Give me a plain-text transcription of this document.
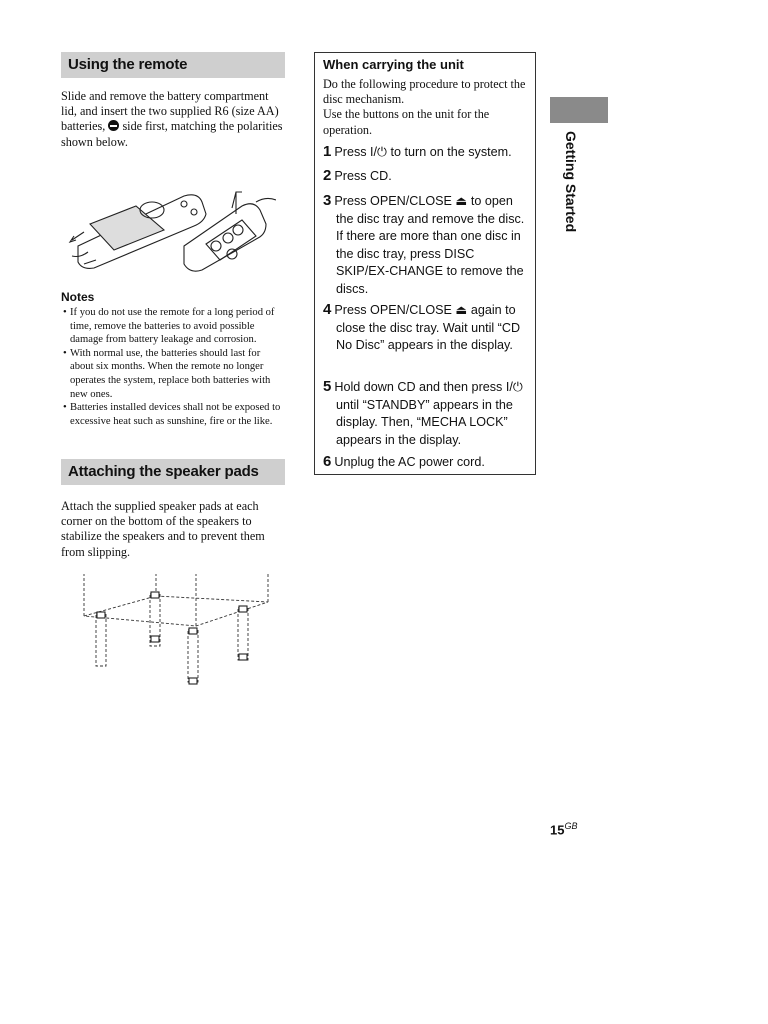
Using the remote
Slide and remove the battery compartment lid, and insert the two supplied R6 (size AA) batteries,
side first, matching the polarities shown below.
Notes
• If you do not use the remote for a long period of time, remove the batteries to avoid possible damage from battery leakage and corrosion.
• With normal use, the batteries should last for about six months. When the remote no longer operates the system, replace both batteries with new ones.
• Batteries installed devices shall not be exposed to excessive heat such as sunshine, fire or the like.
Attaching the speaker pads
Attach the supplied speaker pads at each corner on the bottom of the speakers to stabilize the speakers and to prevent them from slipping.
When carrying the unit
Do the following procedure to protect the disc mechanism.
Use the buttons on the unit for the operation.
1 Press I/⏻ to turn on the system.
2 Press CD.
3 Press OPEN/CLOSE ⏏ to open the disc tray and remove the disc. If there are more than one disc in the disc tray, press DISC SKIP/EX-CHANGE to remove the discs.
4 Press OPEN/CLOSE ⏏ again to close the disc tray. Wait until “CD No Disc” appears in the display.
5 Hold down CD and then press I/⏻ until “STANDBY” appears in the display. Then, “MECHA LOCK” appears in the display.
6 Unplug the AC power cord.
Getting Started
$15^{GB}$
